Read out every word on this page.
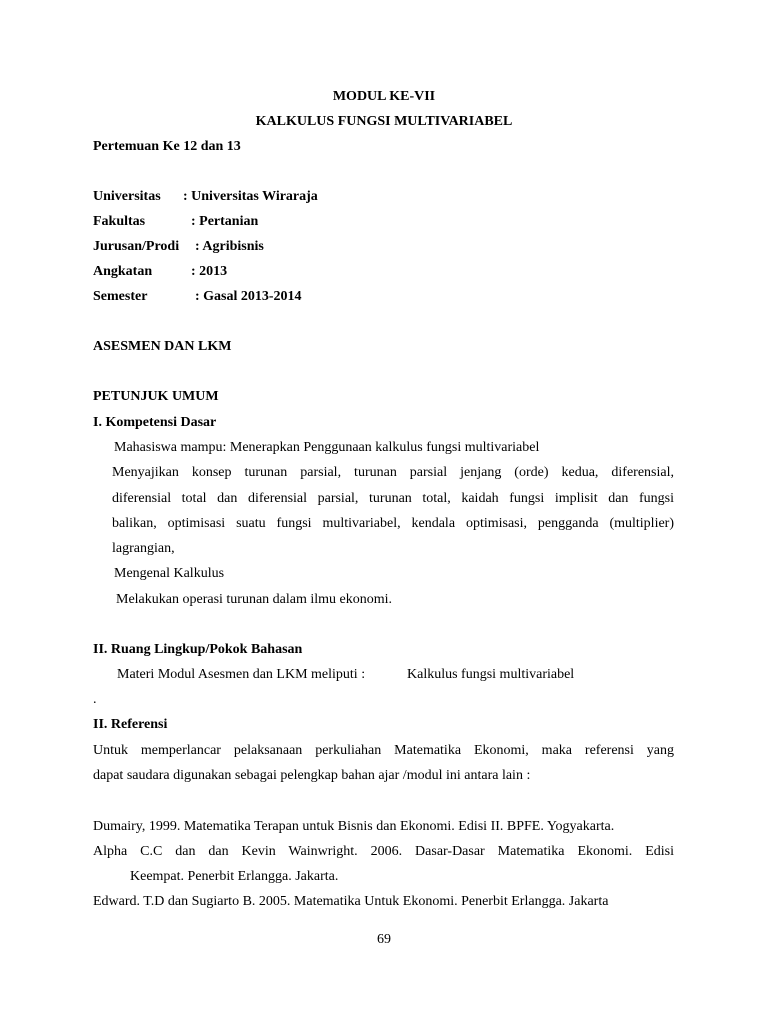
MODUL KE-VII
KALKULUS FUNGSI MULTIVARIABEL
Pertemuan Ke 12 dan 13
Universitas : Universitas Wiraraja
Fakultas	: Pertanian
Jurusan/Prodi : Agribisnis
Angkatan	: 2013
Semester	: Gasal 2013-2014
ASESMEN DAN LKM
PETUNJUK UMUM
I. Kompetensi Dasar
Mahasiswa mampu: Menerapkan Penggunaan kalkulus fungsi multivariabel
Menyajikan konsep turunan parsial, turunan parsial jenjang (orde) kedua, diferensial,
diferensial total dan diferensial parsial, turunan total, kaidah fungsi implisit dan fungsi
balikan, optimisasi suatu fungsi multivariabel, kendala optimisasi, pengganda (multiplier)
lagrangian,
Mengenal Kalkulus
Melakukan operasi turunan dalam ilmu ekonomi.
II. Ruang Lingkup/Pokok Bahasan
Materi Modul Asesmen dan LKM meliputi :	Kalkulus fungsi multivariabel
.
II. Referensi
Untuk memperlancar pelaksanaan perkuliahan Matematika Ekonomi, maka referensi yang
dapat saudara digunakan sebagai pelengkap bahan ajar /modul ini antara lain :
Dumairy, 1999. Matematika Terapan untuk Bisnis dan Ekonomi. Edisi II. BPFE. Yogyakarta.
Alpha C.C dan dan Kevin Wainwright. 2006. Dasar-Dasar Matematika Ekonomi. Edisi
Keempat. Penerbit Erlangga. Jakarta.
Edward. T.D dan Sugiarto B. 2005. Matematika Untuk Ekonomi. Penerbit Erlangga. Jakarta
69
